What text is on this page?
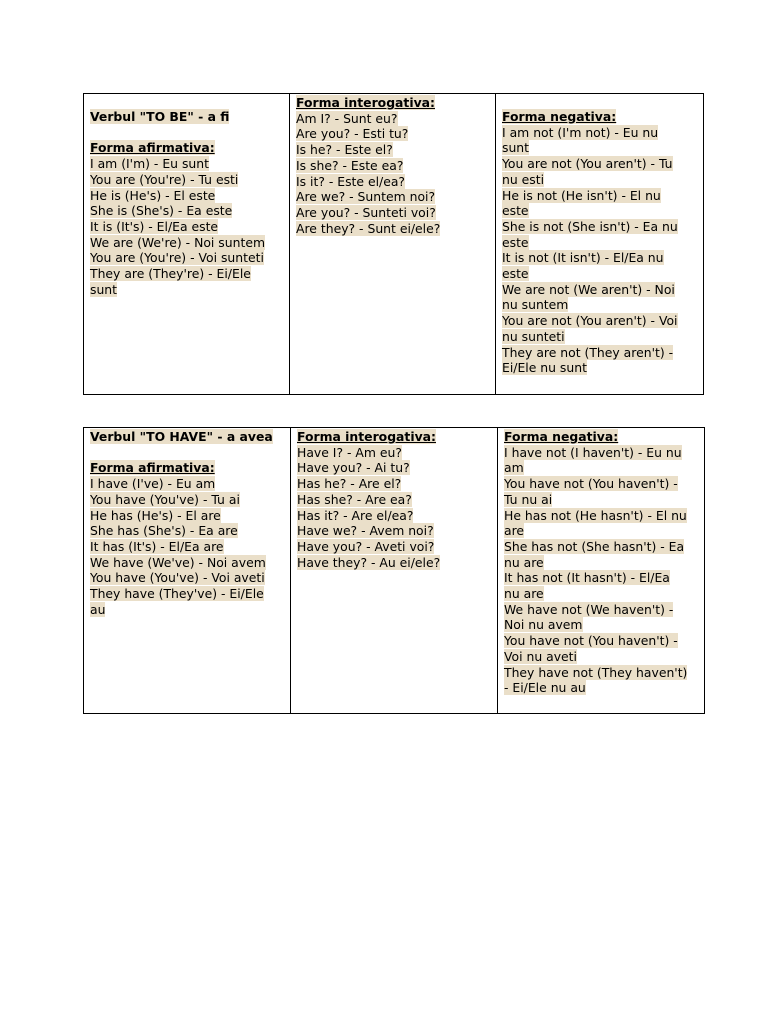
Verbul "TO BE" - a fi
Forma afirmativa:
I am (I'm) - Eu sunt
You are (You're) - Tu esti
He is (He's) - El este
She is (She's) - Ea este
It is (It's) - El/Ea este
We are (We're) - Noi suntem
You are (You're) - Voi sunteti
They are (They're) - Ei/Ele
sunt

Forma interogativa:
Am I? - Sunt eu?
Are you? - Esti tu?
Is he? - Este el?
Is she? - Este ea?
Is it? - Este el/ea?
Are we? - Suntem noi?
Are you? - Sunteti voi?
Are they? - Sunt ei/ele?

Forma negativa:
I am not (I'm not) - Eu nu
sunt
You are not (You aren't) - Tu
nu esti
He is not (He isn't) - El nu
este
She is not (She isn't) - Ea nu
este
It is not (It isn't) - El/Ea nu
este
We are not (We aren't) - Noi
nu suntem
You are not (You aren't) - Voi
nu sunteti
They are not (They aren't) -
Ei/Ele nu sunt
Verbul "TO HAVE" - a avea
Forma afirmativa:
I have (I've) - Eu am
You have (You've) - Tu ai
He has (He's) - El are
She has (She's) - Ea are
It has (It's) - El/Ea are
We have (We've) - Noi avem
You have (You've) - Voi aveti
They have (They've) - Ei/Ele
au

Forma interogativa:
Have I? - Am eu?
Have you? - Ai tu?
Has he? - Are el?
Has she? - Are ea?
Has it? - Are el/ea?
Have we? - Avem noi?
Have you? - Aveti voi?
Have they? - Au ei/ele?

Forma negativa:
I have not (I haven't) - Eu nu
am
You have not (You haven't) -
Tu nu ai
He has not (He hasn't) - El nu
are
She has not (She hasn't) - Ea
nu are
It has not (It hasn't) - El/Ea
nu are
We have not (We haven't) -
Noi nu avem
You have not (You haven't) -
Voi nu aveti
They have not (They haven't)
- Ei/Ele nu au
